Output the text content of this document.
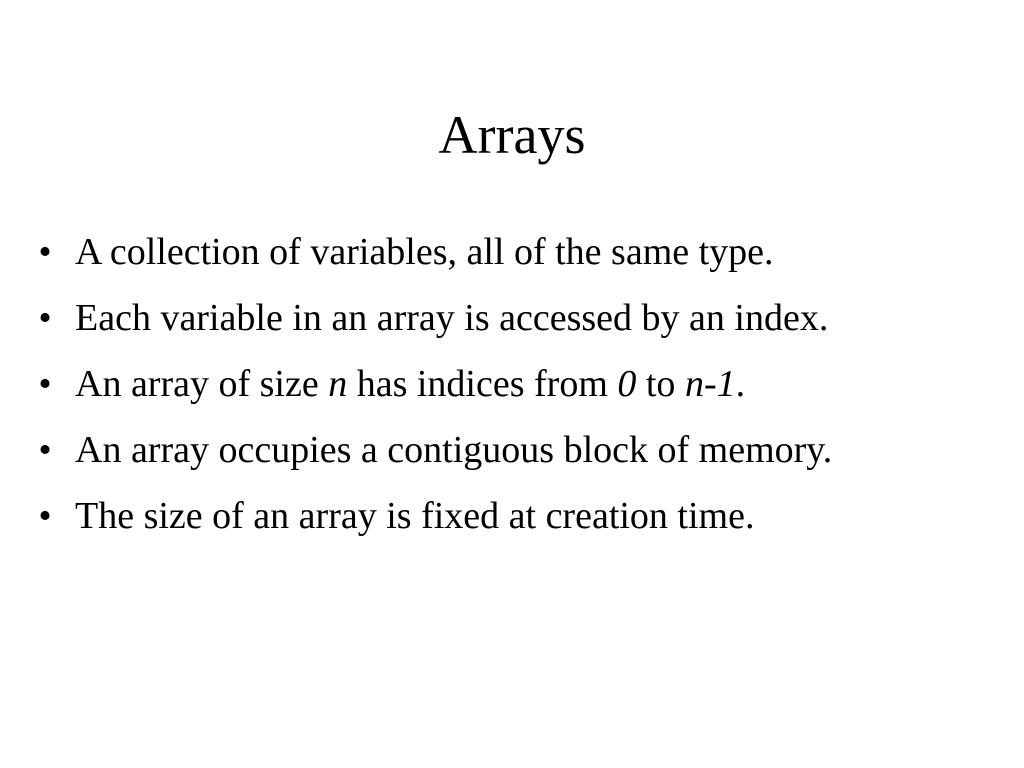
Arrays
• A collection of variables, all of the same type.
• Each variable in an array is accessed by an index.
• An array of size n has indices from 0 to n-1.
• An array occupies a contiguous block of memory.
• The size of an array is fixed at creation time.
